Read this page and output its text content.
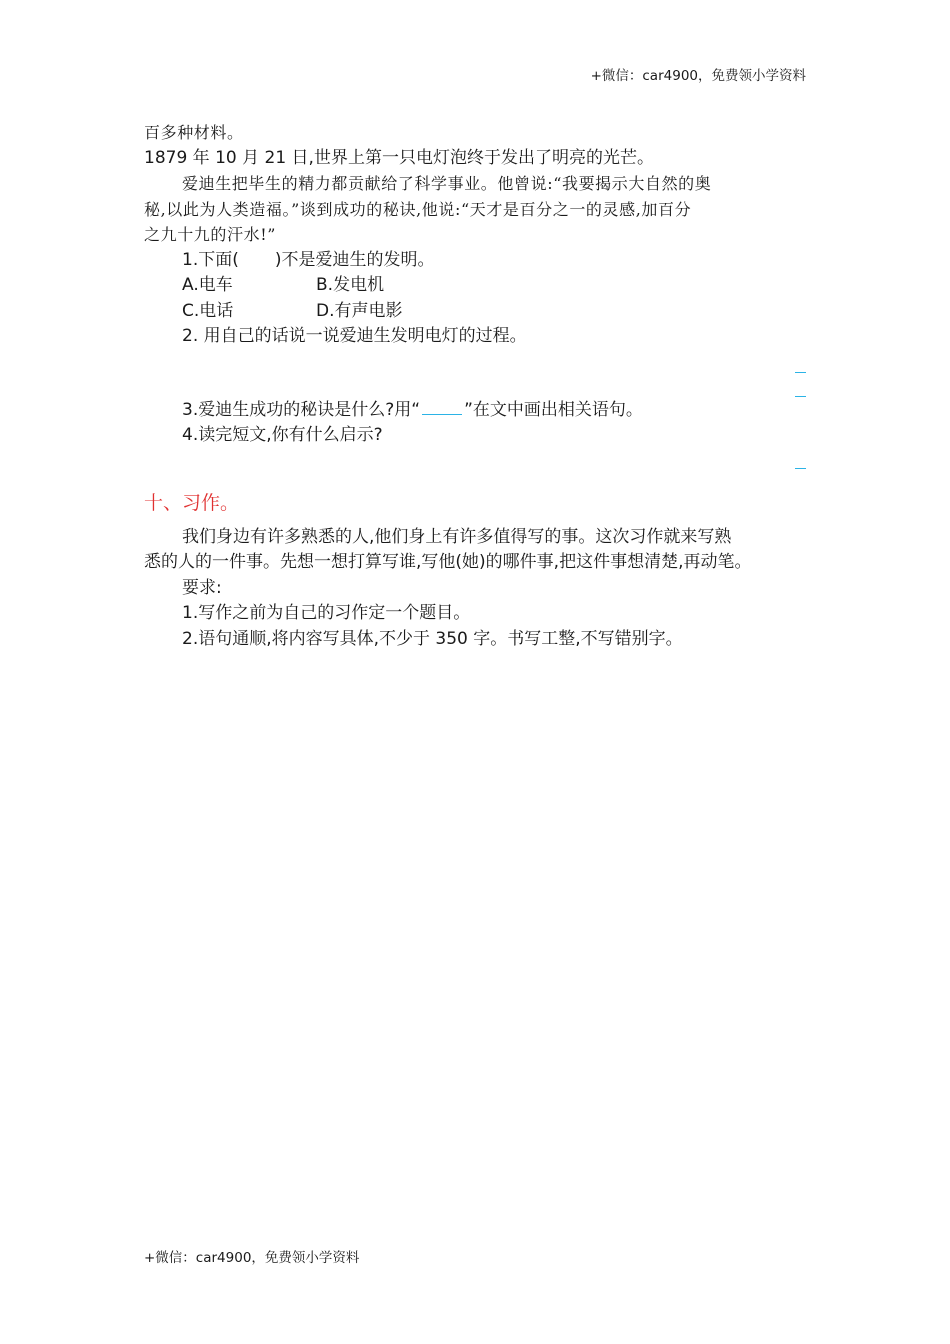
+微信：car4900，免费领小学资料
百多种材料。
1879 年 10 月 21 日,世界上第一只电灯泡终于发出了明亮的光芒。
爱迪生把毕生的精力都贡献给了科学事业。他曾说:“我要揭示大自然的奥
秘,以此为人类造福。”谈到成功的秘诀,他说:“天才是百分之一的灵感,加百分
之九十九的汗水!”
1.下面( )不是爱迪生的发明。
A.电车	B.发电机
C.电话	D.有声电影
2. 用自己的话说一说爱迪生发明电灯的过程。
3.爱迪生成功的秘诀是什么?用“	”在文中画出相关语句。
4.读完短文,你有什么启示?
十、习作。
我们身边有许多熟悉的人,他们身上有许多值得写的事。这次习作就来写熟
悉的人的一件事。先想一想打算写谁,写他(她)的哪件事,把这件事想清楚,再动笔。
要求:
1.写作之前为自己的习作定一个题目。
2.语句通顺,将内容写具体,不少于 350 字。书写工整,不写错别字。
+微信：car4900，免费领小学资料
